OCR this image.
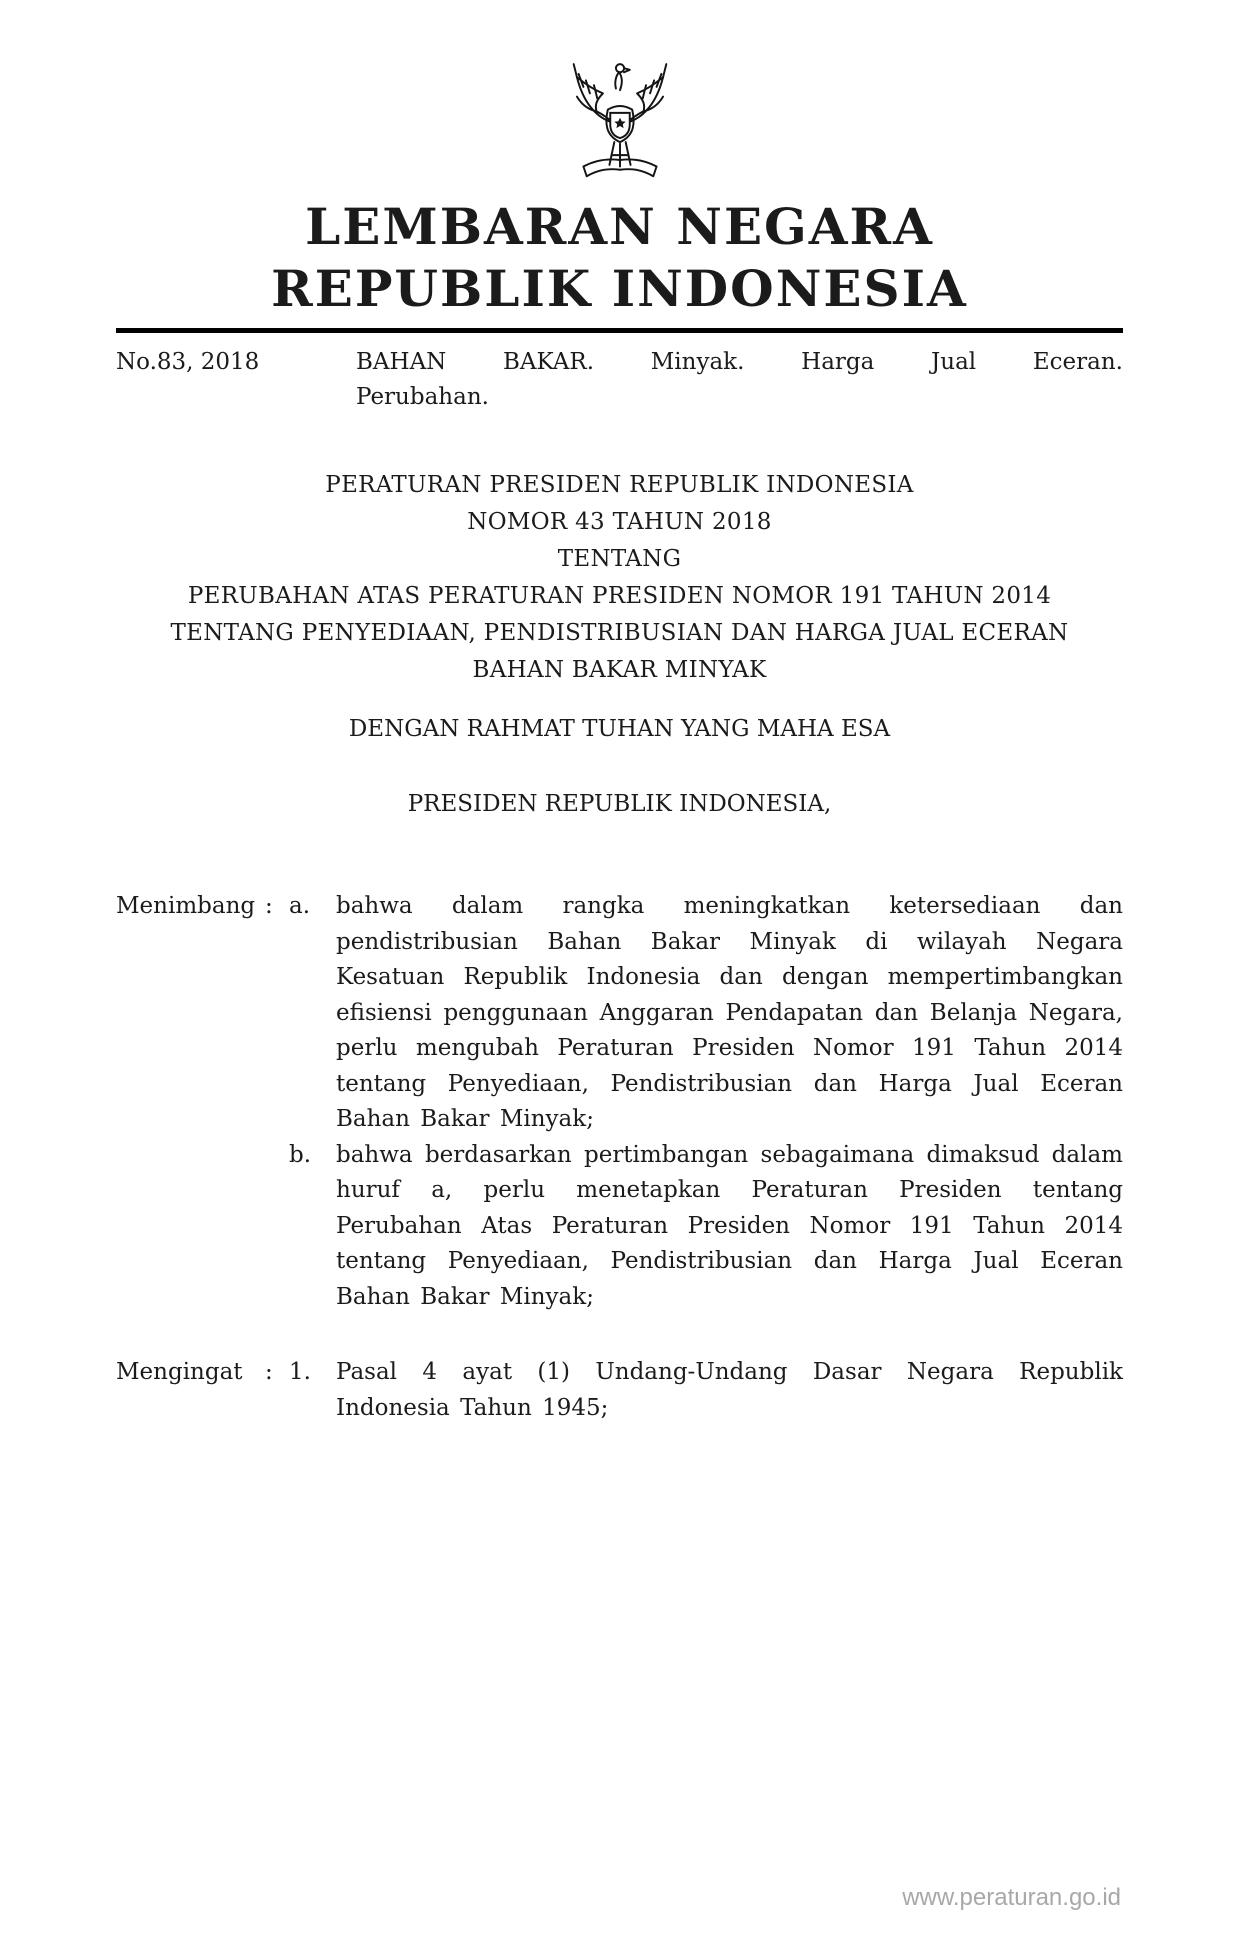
LEMBARAN NEGARA
REPUBLIK INDONESIA
No.83, 2018	BAHAN BAKAR. Minyak. Harga Jual Eceran.
Perubahan.
PERATURAN PRESIDEN REPUBLIK INDONESIA
NOMOR 43 TAHUN 2018
TENTANG
PERUBAHAN ATAS PERATURAN PRESIDEN NOMOR 191 TAHUN 2014
TENTANG PENYEDIAAN, PENDISTRIBUSIAN DAN HARGA JUAL ECERAN
BAHAN BAKAR MINYAK
DENGAN RAHMAT TUHAN YANG MAHA ESA
PRESIDEN REPUBLIK INDONESIA,
Menimbang : a.	bahwa dalam rangka meningkatkan ketersediaan dan pendistribusian Bahan Bakar Minyak di wilayah Negara Kesatuan Republik Indonesia dan dengan mempertimbangkan efisiensi penggunaan Anggaran Pendapatan dan Belanja Negara, perlu mengubah Peraturan Presiden Nomor 191 Tahun 2014 tentang Penyediaan, Pendistribusian dan Harga Jual Eceran Bahan Bakar Minyak;
b.	bahwa berdasarkan pertimbangan sebagaimana dimaksud dalam huruf a, perlu menetapkan Peraturan Presiden tentang Perubahan Atas Peraturan Presiden Nomor 191 Tahun 2014 tentang Penyediaan, Pendistribusian dan Harga Jual Eceran Bahan Bakar Minyak;
Mengingat : 1.	Pasal 4 ayat (1) Undang-Undang Dasar Negara Republik Indonesia Tahun 1945;
www.peraturan.go.id
